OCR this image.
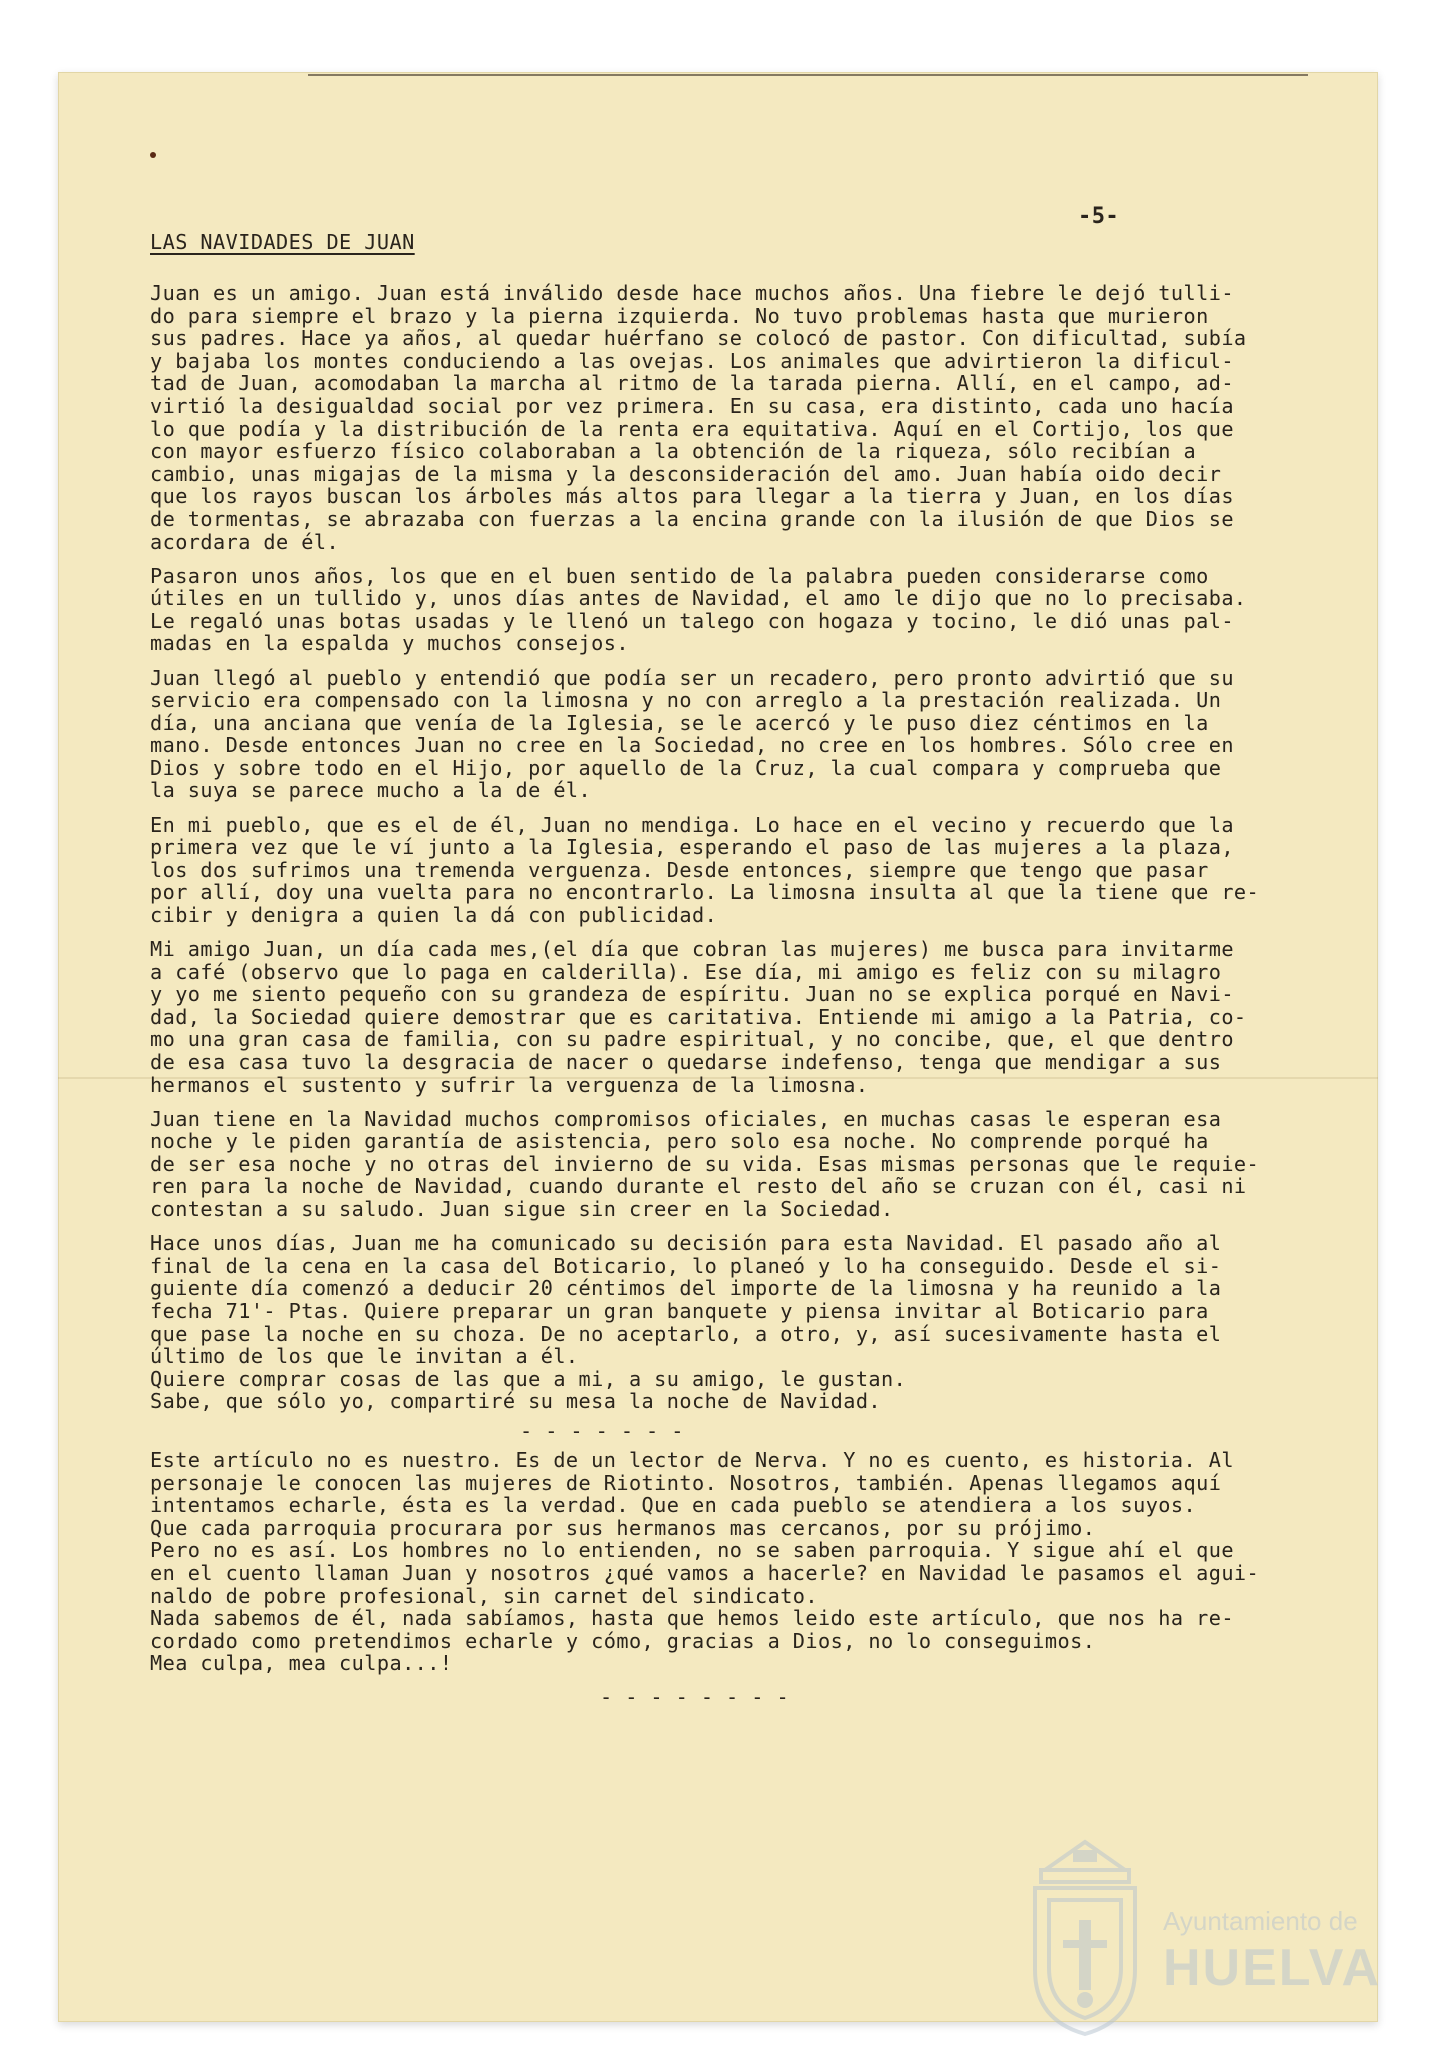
-5-
LAS NAVIDADES DE JUAN
Juan es un amigo. Juan está inválido desde hace muchos años. Una fiebre le dejó tulli-
do para siempre el brazo y la pierna izquierda. No tuvo problemas hasta que murieron
sus padres. Hace ya años, al quedar huérfano se colocó de pastor. Con dificultad, subía
y bajaba los montes conduciendo a las ovejas. Los animales que advirtieron la dificul-
tad de Juan, acomodaban la marcha al ritmo de la tarada pierna. Allí, en el campo, ad-
virtió la desigualdad social por vez primera. En su casa, era distinto, cada uno hacía
lo que podía y la distribución de la renta era equitativa. Aquí en el Cortijo, los que
con mayor esfuerzo físico colaboraban a la obtención de la riqueza, sólo recibían a
cambio, unas migajas de la misma y la desconsideración del amo. Juan había oido decir
que los rayos buscan los árboles más altos para llegar a la tierra y Juan, en los días
de tormentas, se abrazaba con fuerzas a la encina grande con la ilusión de que Dios se
acordara de él.
Pasaron unos años, los que en el buen sentido de la palabra pueden considerarse como
útiles en un tullido y, unos días antes de Navidad, el amo le dijo que no lo precisaba.
Le regaló unas botas usadas y le llenó un talego con hogaza y tocino, le dió unas pal-
madas en la espalda y muchos consejos.
Juan llegó al pueblo y entendió que podía ser un recadero, pero pronto advirtió que su
servicio era compensado con la limosna y no con arreglo a la prestación realizada. Un
día, una anciana que venía de la Iglesia, se le acercó y le puso diez céntimos en la
mano. Desde entonces Juan no cree en la Sociedad, no cree en los hombres. Sólo cree en
Dios y sobre todo en el Hijo, por aquello de la Cruz, la cual compara y comprueba que
la suya se parece mucho a la de él.
En mi pueblo, que es el de él, Juan no mendiga. Lo hace en el vecino y recuerdo que la
primera vez que le ví junto a la Iglesia, esperando el paso de las mujeres a la plaza,
los dos sufrimos una tremenda verguenza. Desde entonces, siempre que tengo que pasar
por allí, doy una vuelta para no encontrarlo. La limosna insulta al que la tiene que re-
cibir y denigra a quien la dá con publicidad.
Mi amigo Juan, un día cada mes,(el día que cobran las mujeres) me busca para invitarme
a café (observo que lo paga en calderilla). Ese día, mi amigo es feliz con su milagro
y yo me siento pequeño con su grandeza de espíritu. Juan no se explica porqué en Navi-
dad, la Sociedad quiere demostrar que es caritativa. Entiende mi amigo a la Patria, co-
mo una gran casa de familia, con su padre espiritual, y no concibe, que, el que dentro
de esa casa tuvo la desgracia de nacer o quedarse indefenso, tenga que mendigar a sus
hermanos el sustento y sufrir la verguenza de la limosna.
Juan tiene en la Navidad muchos compromisos oficiales, en muchas casas le esperan esa
noche y le piden garantía de asistencia, pero solo esa noche. No comprende porqué ha
de ser esa noche y no otras del invierno de su vida. Esas mismas personas que le requie-
ren para la noche de Navidad, cuando durante el resto del año se cruzan con él, casi ni
contestan a su saludo. Juan sigue sin creer en la Sociedad.
Hace unos días, Juan me ha comunicado su decisión para esta Navidad. El pasado año al
final de la cena en la casa del Boticario, lo planeó y lo ha conseguido. Desde el si-
guiente día comenzó a deducir 20 céntimos del importe de la limosna y ha reunido a la
fecha 71'- Ptas. Quiere preparar un gran banquete y piensa invitar al Boticario para
que pase la noche en su choza. De no aceptarlo, a otro, y, así sucesivamente hasta el
último de los que le invitan a él.
Quiere comprar cosas de las que a mi, a su amigo, le gustan.
Sabe, que sólo yo, compartiré su mesa la noche de Navidad.
- - - - - - -
Este artículo no es nuestro. Es de un lector de Nerva. Y no es cuento, es historia. Al
personaje le conocen las mujeres de Riotinto. Nosotros, también. Apenas llegamos aquí
intentamos echarle, ésta es la verdad. Que en cada pueblo se atendiera a los suyos.
Que cada parroquia procurara por sus hermanos mas cercanos, por su prójimo.
Pero no es así. Los hombres no lo entienden, no se saben parroquia. Y sigue ahí el que
en el cuento llaman Juan y nosotros ¿qué vamos a hacerle? en Navidad le pasamos el agui-
naldo de pobre profesional, sin carnet del sindicato.
Nada sabemos de él, nada sabíamos, hasta que hemos leido este artículo, que nos ha re-
cordado como pretendimos echarle y cómo, gracias a Dios, no lo conseguimos.
Mea culpa, mea culpa...!
- - - - - - - -
Ayuntamiento de
HUELVA
